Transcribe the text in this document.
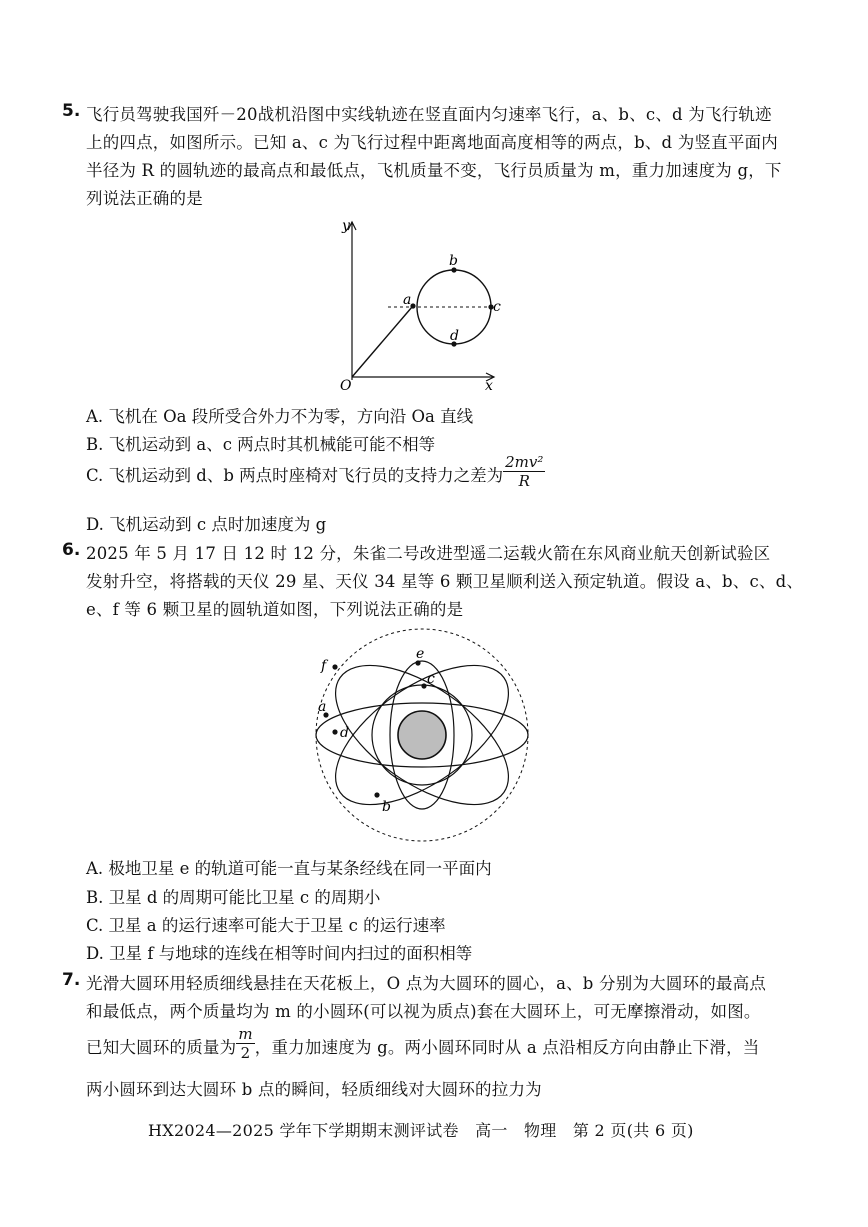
5. 飞行员驾驶我国歼－20战机沿图中实线轨迹在竖直面内匀速率飞行，a、b、c、d 为飞行轨迹
上的四点，如图所示。已知 a、c 为飞行过程中距离地面高度相等的两点，b、d 为竖直平面内
半径为 R 的圆轨迹的最高点和最低点，飞机质量不变，飞行员质量为 m，重力加速度为 g，下
列说法正确的是
y
x
O
a
b
c
d
A. 飞机在 Oa 段所受合外力不为零，方向沿 Oa 直线
B. 飞机运动到 a、c 两点时其机械能可能不相等
C. 飞机运动到 d、b 两点时座椅对飞行员的支持力之差为 $\frac{\text{2mv²}}{R}$
D. 飞机运动到 c 点时加速度为 g
6. 2025 年 5 月 17 日 12 时 12 分，朱雀二号改进型遥二运载火箭在东风商业航天创新试验区
发射升空，将搭载的天仪 29 星、天仪 34 星等 6 颗卫星顺利送入预定轨道。假设 a、b、c、d、
e、f 等 6 颗卫星的圆轨道如图，下列说法正确的是
f
a
d
e
c
b
A. 极地卫星 e 的轨道可能一直与某条经线在同一平面内
B. 卫星 d 的周期可能比卫星 c 的周期小
C. 卫星 a 的运行速率可能大于卫星 c 的运行速率
D. 卫星 f 与地球的连线在相等时间内扫过的面积相等
7. 光滑大圆环用轻质细线悬挂在天花板上，O 点为大圆环的圆心，a、b 分别为大圆环的最高点
和最低点，两个质量均为 m 的小圆环(可以视为质点)套在大圆环上，可无摩擦滑动，如图。
已知大圆环的质量为 $\frac{m}{2}$ ，重力加速度为 g。两小圆环同时从 a 点沿相反方向由静止下滑，当
两小圆环到达大圆环 b 点的瞬间，轻质细线对大圆环的拉力为
HX2024—2025 学年下学期期末测评试卷　高一　物理　第 2 页(共 6 页)
